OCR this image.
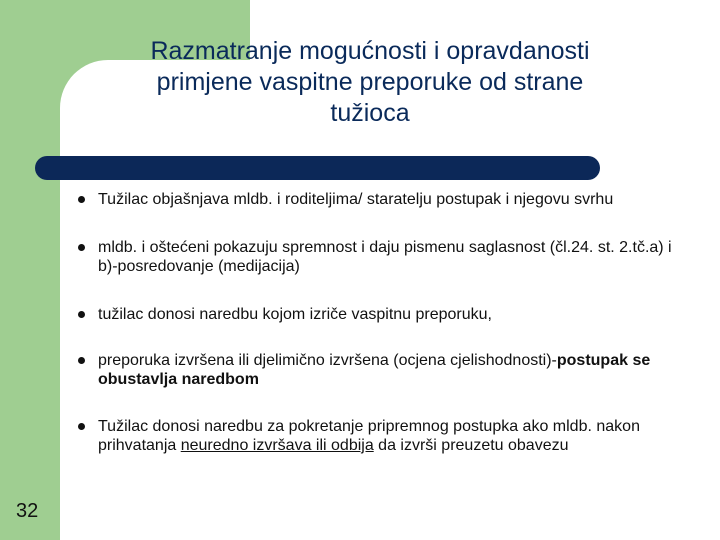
Razmatranje mogućnosti i opravdanosti
primjene vaspitne preporuke od strane
tužioca
Tužilac objašnjava mldb. i roditeljima/ staratelju postupak i njegovu svrhu
mldb. i oštećeni pokazuju spremnost i daju pismenu saglasnost (čl.24. st. 2.tč.a) i b)-posredovanje (medijacija)
tužilac donosi naredbu kojom izriče vaspitnu preporuku,
preporuka izvršena ili djelimično izvršena (ocjena cjelishodnosti)-postupak se obustavlja naredbom
Tužilac donosi naredbu za pokretanje pripremnog postupka ako mldb. nakon prihvatanja neuredno izvršava ili odbija da izvrši preuzetu obavezu
32
